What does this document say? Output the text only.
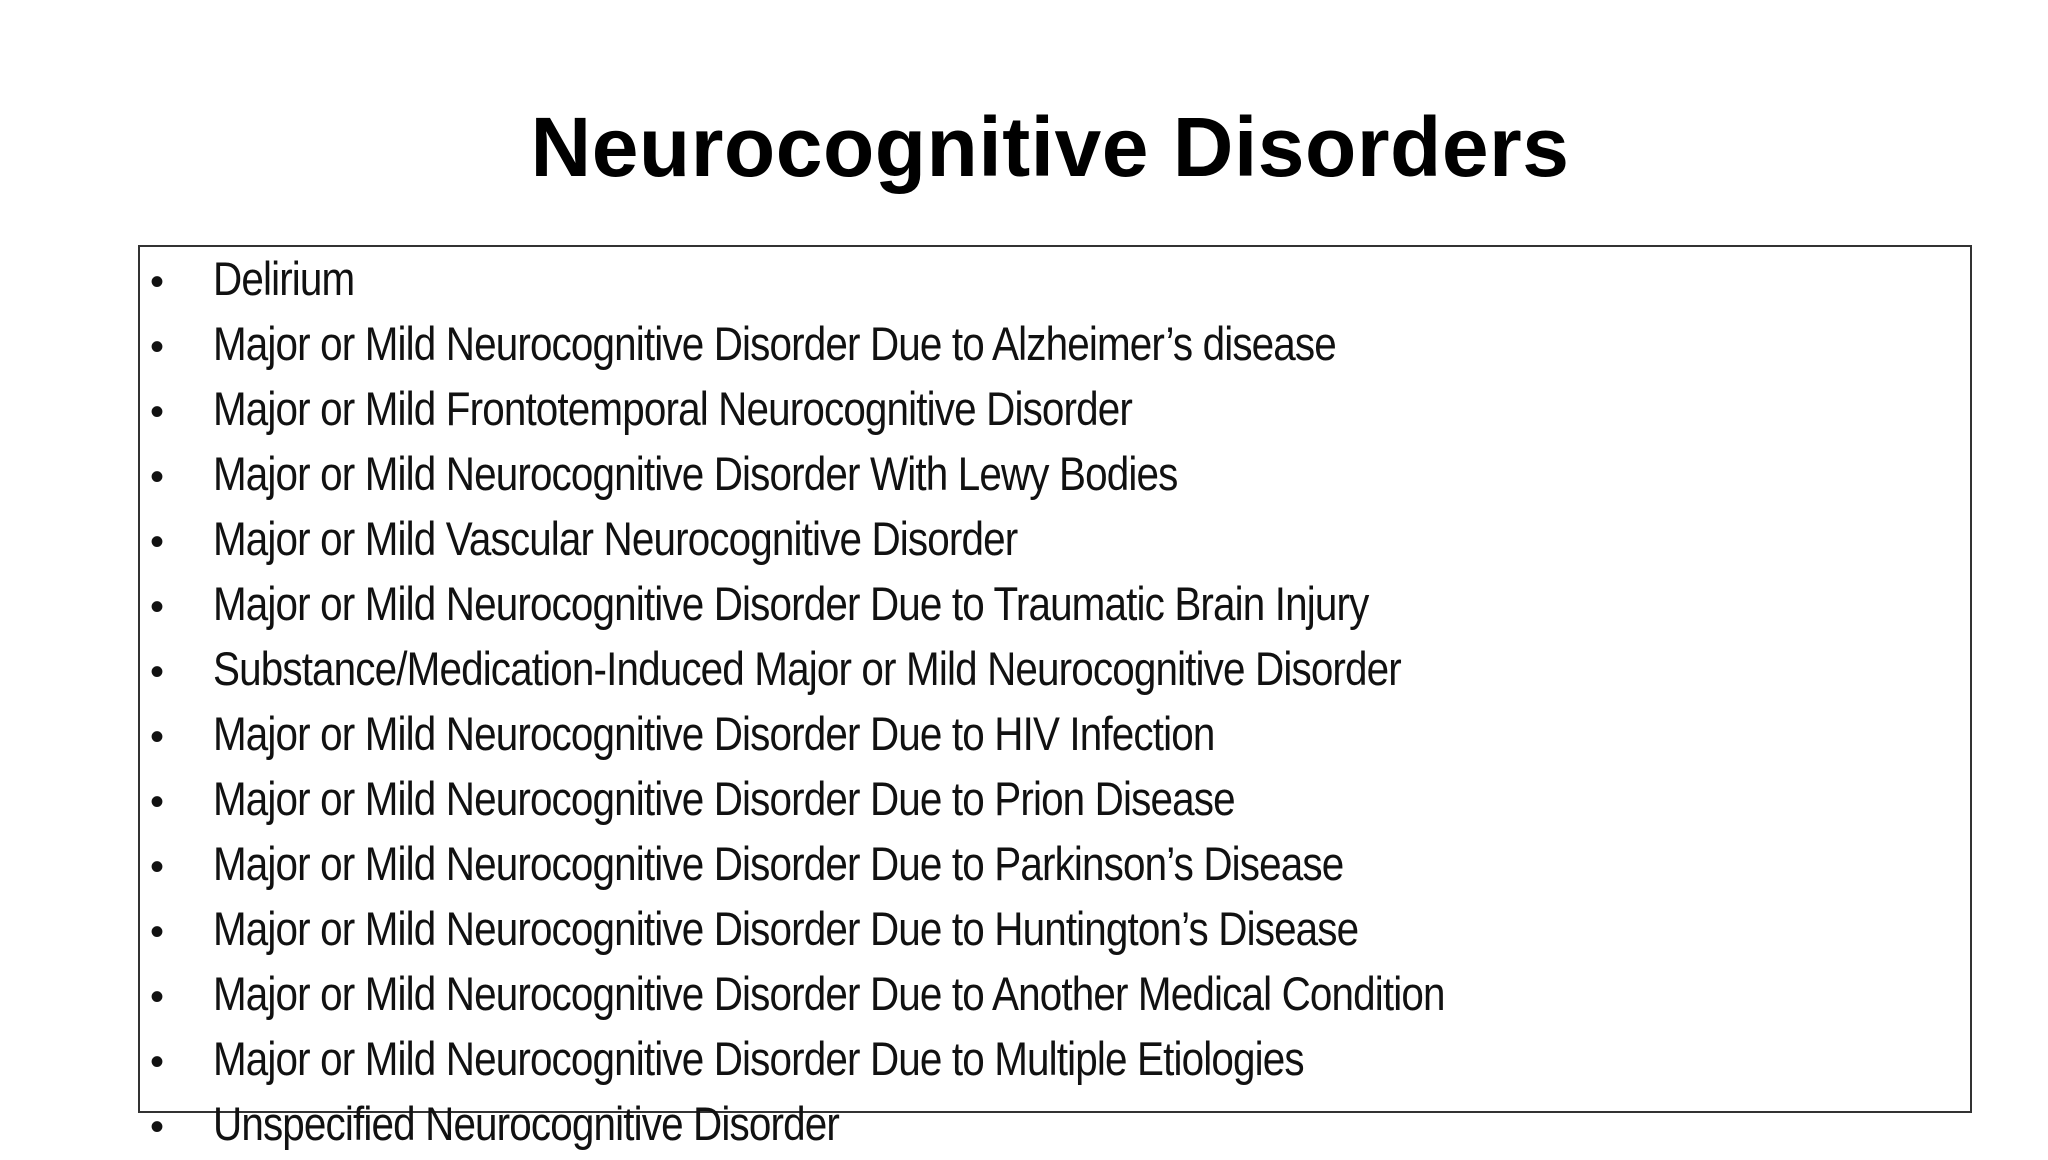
Neurocognitive Disorders
•	Delirium
•	Major or Mild Neurocognitive Disorder Due to Alzheimer’s disease
•	Major or Mild Frontotemporal Neurocognitive Disorder
•	Major or Mild Neurocognitive Disorder With Lewy Bodies
•	Major or Mild Vascular Neurocognitive Disorder
•	Major or Mild Neurocognitive Disorder Due to Traumatic Brain Injury
•	Substance/Medication-Induced Major or Mild Neurocognitive Disorder
•	Major or Mild Neurocognitive Disorder Due to HIV Infection
•	Major or Mild Neurocognitive Disorder Due to Prion Disease
•	Major or Mild Neurocognitive Disorder Due to Parkinson’s Disease
•	Major or Mild Neurocognitive Disorder Due to Huntington’s Disease
•	Major or Mild Neurocognitive Disorder Due to Another Medical Condition
•	Major or Mild Neurocognitive Disorder Due to Multiple Etiologies
•	Unspecified Neurocognitive Disorder
